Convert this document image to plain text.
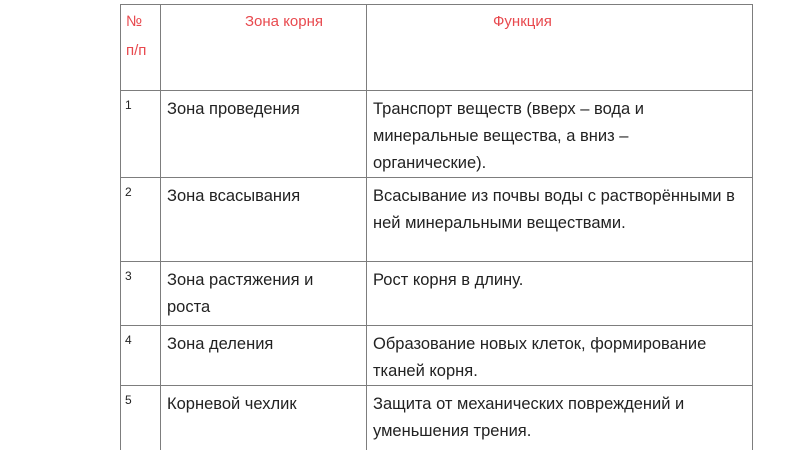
№ п/п	Зона корня	Функция
1	Зона проведения	Транспорт веществ (вверх – вода и минеральные вещества, а вниз – органические).
2	Зона всасывания	Всасывание из почвы воды с растворёнными в ней минеральными веществами.
3	Зона растяжения и роста	Рост корня в длину.
4	Зона деления	Образование новых клеток, формирование тканей корня.
5	Корневой чехлик	Защита от механических повреждений и уменьшения трения.
